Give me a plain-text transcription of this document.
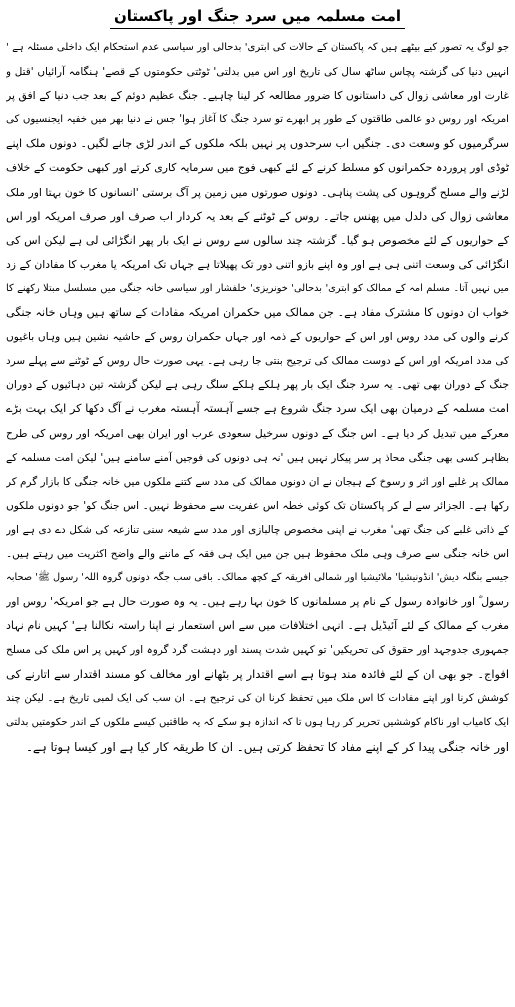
امت مسلمہ میں سرد جنگ اور پاکستان
جو لوگ یہ تصور کیے بیٹھے ہیں کہ پاکستان کے حالات کی ابتری' بدحالی اور سیاسی عدم استحکام ایک داخلی مسئلہ ہے '
انہیں دنیا کی گزشتہ پچاس ساٹھ سال کی تاریخ اور اس میں بدلتی' ٹوٹتی حکومتوں کے قصے' ہنگامہ آرائیاں 'قتل و
غارت اور معاشی زوال کی داستانوں کا ضرور مطالعہ کر لینا چاہیے۔ جنگ عظیم دوئم کے بعد جب دنیا کے افق پر
امریکہ اور روس دو عالمی طاقتوں کے طور پر ابھرے تو سرد جنگ کا آغاز ہوا' جس نے دنیا بھر میں خفیہ ایجنسیوں کی
سرگرمیوں کو وسعت دی۔ جنگیں اب سرحدوں پر نہیں بلکہ ملکوں کے اندر لڑی جانے لگیں۔ دونوں ملک اپنے
ٹوڈی اور پروردہ حکمرانوں کو مسلط کرنے کے لئے کبھی فوج میں سرمایہ کاری کرتے اور کبھی حکومت کے خلاف
لڑنے والے مسلح گروہوں کی پشت پناہی۔ دونوں صورتوں میں زمین پر آگ برستی 'انسانوں کا خون بہتا اور ملک
معاشی زوال کی دلدل میں پھنس جاتے۔ روس کے ٹوٹنے کے بعد یہ کردار اب صرف اور صرف امریکہ اور اس
کے حواریوں کے لئے مخصوص ہو گیا۔ گزشتہ چند سالوں سے روس نے ایک بار پھر انگڑائی لی ہے لیکن اس کی
انگڑائی کی وسعت اتنی ہی ہے اور وہ اپنے بازو اتنی دور تک پھیلاتا ہے جہاں تک امریکہ یا مغرب کا مفادان کے زد
میں نہیں آتا۔ مسلم امہ کے ممالک کو ابتری' بدحالی' خونریزی' خلفشار اور سیاسی خانہ جنگی میں مسلسل مبتلا رکھنے کا
خواب ان دونوں کا مشترک مفاد ہے۔ جن ممالک میں حکمران امریکہ مفادات کے ساتھ ہیں وہاں خانہ جنگی
کرنے والوں کی مدد روس اور اس کے حواریوں کے ذمہ اور جہاں حکمران روس کے حاشیہ نشین ہیں وہاں باغیوں
کی مدد امریکہ اور اس کے دوست ممالک کی ترجیح بنتی جا رہی ہے۔ یہی صورت حال روس کے ٹوٹنے سے پہلے سرد
جنگ کے دوران بھی تھی۔ یہ سرد جنگ ایک بار پھر ہلکے ہلکے سلگ رہی ہے لیکن گزشتہ تین دہائیوں کے دوران
امت مسلمہ کے درمیان بھی ایک سرد جنگ شروع ہے جسے آہستہ آہستہ مغرب نے آگ دکھا کر ایک بہت بڑے
معرکے میں تبدیل کر دیا ہے۔ اس جنگ کے دونوں سرخیل سعودی عرب اور ایران بھی امریکہ اور روس کی طرح
بظاہر کسی بھی جنگی محاذ پر سر پیکار نہیں ہیں 'نہ ہی دونوں کی فوجیں آمنے سامنے ہیں' لیکن امت مسلمہ کے
ممالک پر غلبے اور اثر و رسوخ کے ہیجان نے ان دونوں ممالک کی مدد سے کتنے ملکوں میں خانہ جنگی کا بازار گرم کر
رکھا ہے۔ الجزائر سے لے کر پاکستان تک کوئی خطہ اس عفریت سے محفوظ نہیں۔ اس جنگ کو' جو دونوں ملکوں
کے ذاتی غلبے کی جنگ تھی' مغرب نے اپنی مخصوص چالبازی اور مدد سے شیعہ سنی تنازعہ کی شکل دے دی ہے اور
اس خانہ جنگی سے صرف وہی ملک محفوظ ہیں جن میں ایک ہی فقہ کے ماننے والے واضح اکثریت میں رہتے ہیں۔
جیسے بنگلہ دیش' انڈونیشیا' ملائیشیا اور شمالی افریقہ کے کچھ ممالک۔ باقی سب جگہ دونوں گروہ اللہ' رسول ﷺ' صحابہ
رسول ؓ اور خانوادہ رسول کے نام پر مسلمانوں کا خون بہا رہے ہیں۔ یہ وہ صورت حال ہے جو امریکہ' روس اور
مغرب کے ممالک کے لئے آئیڈیل ہے۔ انہی اختلافات میں سے اس استعمار نے اپنا راستہ نکالنا ہے' کہیں نام نہاد
جمہوری جدوجہد اور حقوق کی تحریکیں' تو کہیں شدت پسند اور دہشت گرد گروہ اور کہیں پر اس ملک کی مسلح
افواج۔ جو بھی ان کے لئے فائدہ مند ہوتا ہے اسے اقتدار پر بٹھانے اور مخالف کو مسند اقتدار سے اتارنے کی
کوشش کرنا اور اپنے مفادات کا اس ملک میں تحفظ کرنا ان کی ترجیح ہے۔ ان سب کی ایک لمبی تاریخ ہے۔ لیکن چند
ایک کامیاب اور ناکام کوششیں تحریر کر رہا ہوں تا کہ اندازہ ہو سکے کہ یہ طاقتیں کیسے ملکوں کے اندر حکومتیں بدلتی
اور خانہ جنگی پیدا کر کے اپنے مفاد کا تحفظ کرتی ہیں۔ ان کا طریقہ کار کیا ہے اور کیسا ہوتا ہے۔
